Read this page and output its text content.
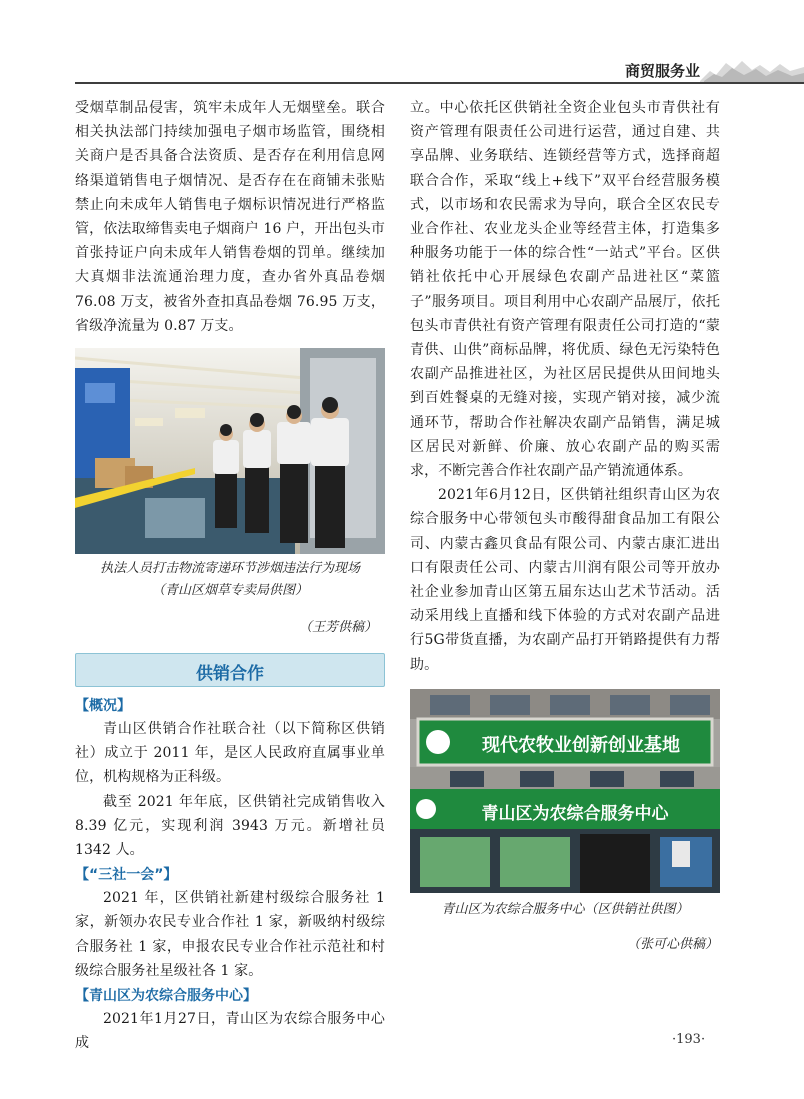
商贸服务业

受烟草制品侵害，筑牢未成年人无烟壁垒。联合相关执法部门持续加强电子烟市场监管，围绕相关商户是否具备合法资质、是否存在利用信息网络渠道销售电子烟情况、是否存在在商铺未张贴禁止向未成年人销售电子烟标识情况进行严格监管，依法取缔售卖电子烟商户 16 户，开出包头市首张持证户向未成年人销售卷烟的罚单。继续加大真烟非法流通治理力度，查办省外真品卷烟 76.08 万支，被省外查扣真品卷烟 76.95 万支，省级净流量为 0.87 万支。

执法人员打击物流寄递环节涉烟违法行为现场

（青山区烟草专卖局供图）

（王芳供稿）

供销合作

【概况】

青山区供销合作社联合社（以下简称区供销社）成立于 2011 年，是区人民政府直属事业单位，机构规格为正科级。

截至 2021 年年底，区供销社完成销售收入 8.39 亿元，实现利润 3943 万元。新增社员 1342 人。

【“三社一会”】

2021 年，区供销社新建村级综合服务社 1 家，新领办农民专业合作社 1 家，新吸纳村级综合服务社 1 家，申报农民专业合作社示范社和村级综合服务社星级社各 1 家。

【青山区为农综合服务中心】

2021年1月27日，青山区为农综合服务中心成

立。中心依托区供销社全资企业包头市青供社有资产管理有限责任公司进行运营，通过自建、共享品牌、业务联结、连锁经营等方式，选择商超联合合作，采取“线上+线下”双平台经营服务模式，以市场和农民需求为导向，联合全区农民专业合作社、农业龙头企业等经营主体，打造集多种服务功能于一体的综合性“一站式”平台。区供销社依托中心开展绿色农副产品进社区“菜篮子”服务项目。项目利用中心农副产品展厅，依托包头市青供社有资产管理有限责任公司打造的“蒙青供、山供”商标品牌，将优质、绿色无污染特色农副产品推进社区，为社区居民提供从田间地头到百姓餐桌的无缝对接，实现产销对接，减少流通环节，帮助合作社解决农副产品销售，满足城区居民对新鲜、价廉、放心农副产品的购买需求，不断完善合作社农副产品产销流通体系。

2021年6月12日，区供销社组织青山区为农综合服务中心带领包头市酸得甜食品加工有限公司、内蒙古鑫贝食品有限公司、内蒙古康汇进出口有限责任公司、内蒙古川润有限公司等开放办社企业参加青山区第五届东达山艺术节活动。活动采用线上直播和线下体验的方式对农副产品进行5G带货直播，为农副产品打开销路提供有力帮助。

现代农牧业创新创业基地
青山区为农综合服务中心

青山区为农综合服务中心（区供销社供图）

（张可心供稿）

·193·
